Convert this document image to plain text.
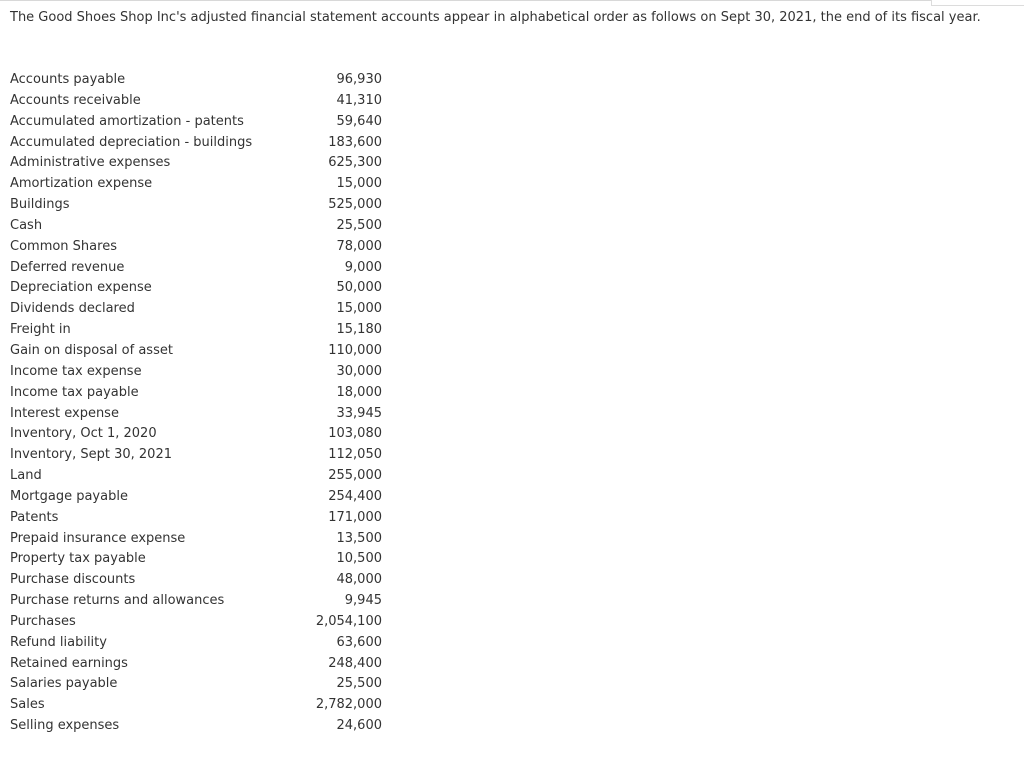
The Good Shoes Shop Inc's adjusted financial statement accounts appear in alphabetical order as follows on Sept 30, 2021, the end of its fiscal year.
Accounts payable	96,930
Accounts receivable	41,310
Accumulated amortization - patents	59,640
Accumulated depreciation - buildings	183,600
Administrative expenses	625,300
Amortization expense	15,000
Buildings	525,000
Cash	25,500
Common Shares	78,000
Deferred revenue	9,000
Depreciation expense	50,000
Dividends declared	15,000
Freight in	15,180
Gain on disposal of asset	110,000
Income tax expense	30,000
Income tax payable	18,000
Interest expense	33,945
Inventory, Oct 1, 2020	103,080
Inventory, Sept 30, 2021	112,050
Land	255,000
Mortgage payable	254,400
Patents	171,000
Prepaid insurance expense	13,500
Property tax payable	10,500
Purchase discounts	48,000
Purchase returns and allowances	9,945
Purchases	2,054,100
Refund liability	63,600
Retained earnings	248,400
Salaries payable	25,500
Sales	2,782,000
Selling expenses	24,600
